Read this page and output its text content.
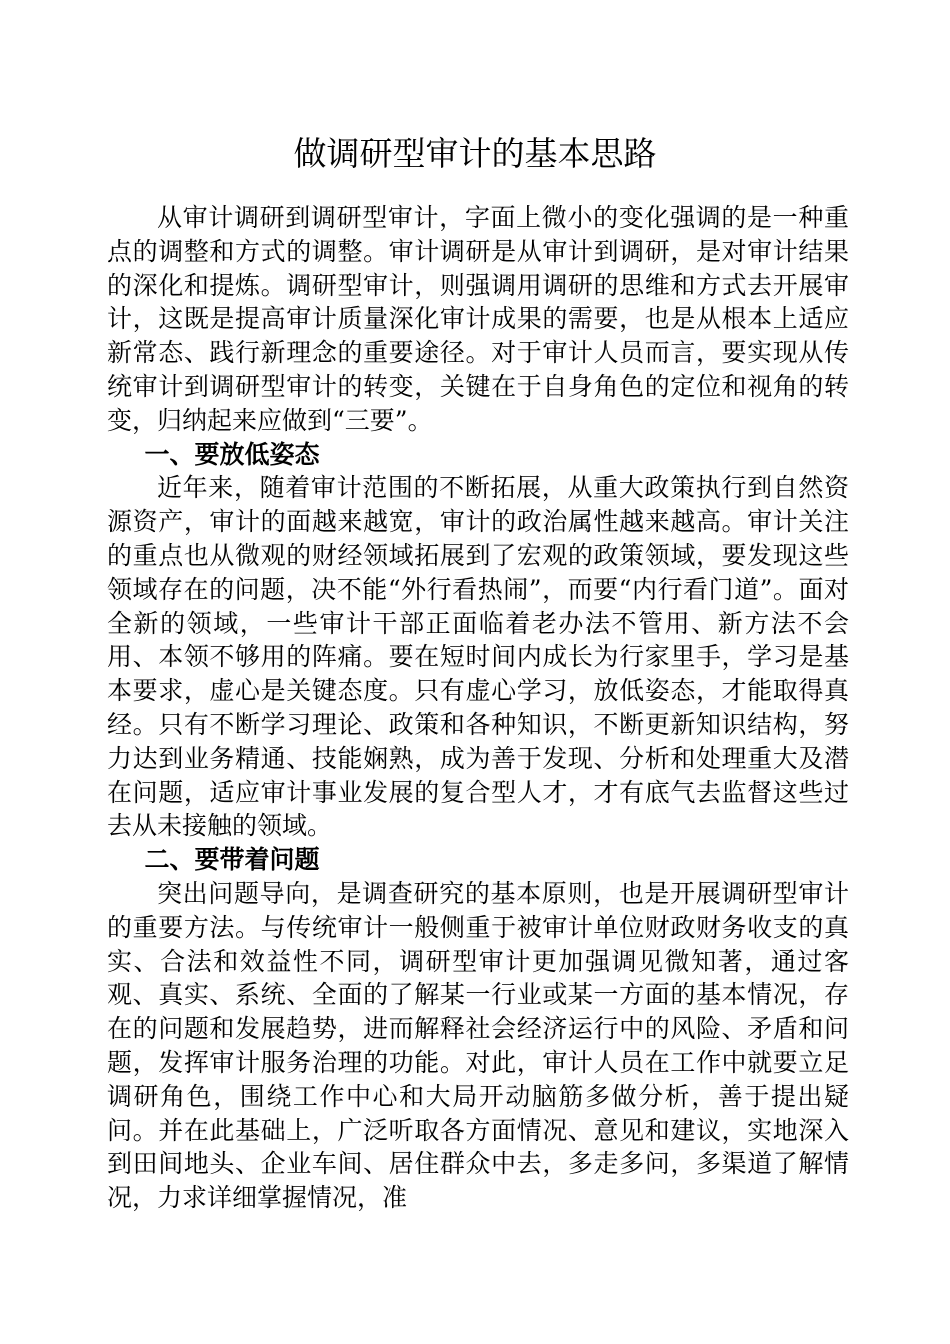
做调研型审计的基本思路

从审计调研到调研型审计，字面上微小的变化强调的是一种重点的调整和方式的调整。审计调研是从审计到调研，是对审计结果的深化和提炼。调研型审计，则强调用调研的思维和方式去开展审计，这既是提高审计质量深化审计成果的需要，也是从根本上适应新常态、践行新理念的重要途径。对于审计人员而言，要实现从传统审计到调研型审计的转变，关键在于自身角色的定位和视角的转变，归纳起来应做到“三要”。

一、要放低姿态

近年来，随着审计范围的不断拓展，从重大政策执行到自然资源资产，审计的面越来越宽，审计的政治属性越来越高。审计关注的重点也从微观的财经领域拓展到了宏观的政策领域，要发现这些领域存在的问题，决不能“外行看热闹”，而要“内行看门道”。面对全新的领域，一些审计干部正面临着老办法不管用、新方法不会用、本领不够用的阵痛。要在短时间内成长为行家里手，学习是基本要求，虚心是关键态度。只有虚心学习，放低姿态，才能取得真经。只有不断学习理论、政策和各种知识，不断更新知识结构，努力达到业务精通、技能娴熟，成为善于发现、分析和处理重大及潜在问题，适应审计事业发展的复合型人才，才有底气去监督这些过去从未接触的领域。

二、要带着问题

突出问题导向，是调查研究的基本原则，也是开展调研型审计的重要方法。与传统审计一般侧重于被审计单位财政财务收支的真实、合法和效益性不同，调研型审计更加强调见微知著，通过客观、真实、系统、全面的了解某一行业或某一方面的基本情况，存在的问题和发展趋势，进而解释社会经济运行中的风险、矛盾和问题，发挥审计服务治理的功能。对此，审计人员在工作中就要立足调研角色，围绕工作中心和大局开动脑筋多做分析，善于提出疑问。并在此基础上，广泛听取各方面情况、意见和建议，实地深入到田间地头、企业车间、居住群众中去，多走多问，多渠道了解情况，力求详细掌握情况，准
